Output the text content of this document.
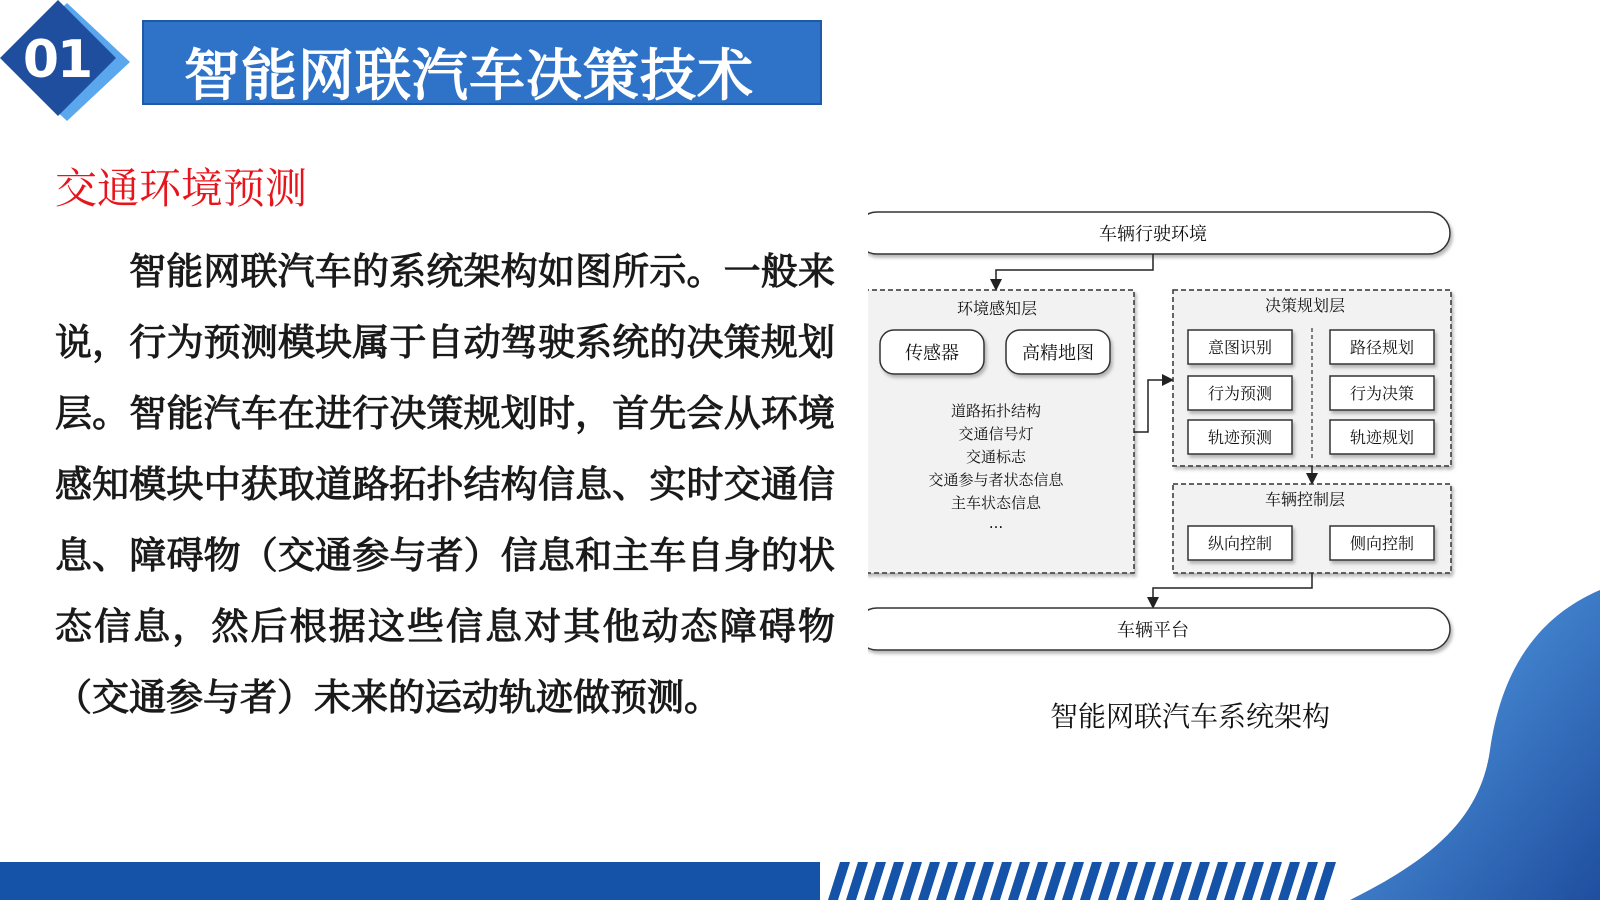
01 智能网联汽车决策技术
交通环境预测

智能网联汽车的系统架构如图所示。一般来说，行为预测模块属于自动驾驶系统的决策规划层。智能汽车在进行决策规划时，首先会从环境感知模块中获取道路拓扑结构信息、实时交通信息、障碍物（交通参与者）信息和主车自身的状态信息，然后根据这些信息对其他动态障碍物（交通参与者）未来的运动轨迹做预测。

车辆行驶环境
环境感知层
传感器	高精地图
道路拓扑结构
交通信号灯
交通标志
交通参与者状态信息
主车状态信息
...
决策规划层
意图识别
行为预测
轨迹预测
路径规划
行为决策
轨迹规划
车辆控制层
纵向控制	侧向控制
车辆平台
智能网联汽车系统架构
